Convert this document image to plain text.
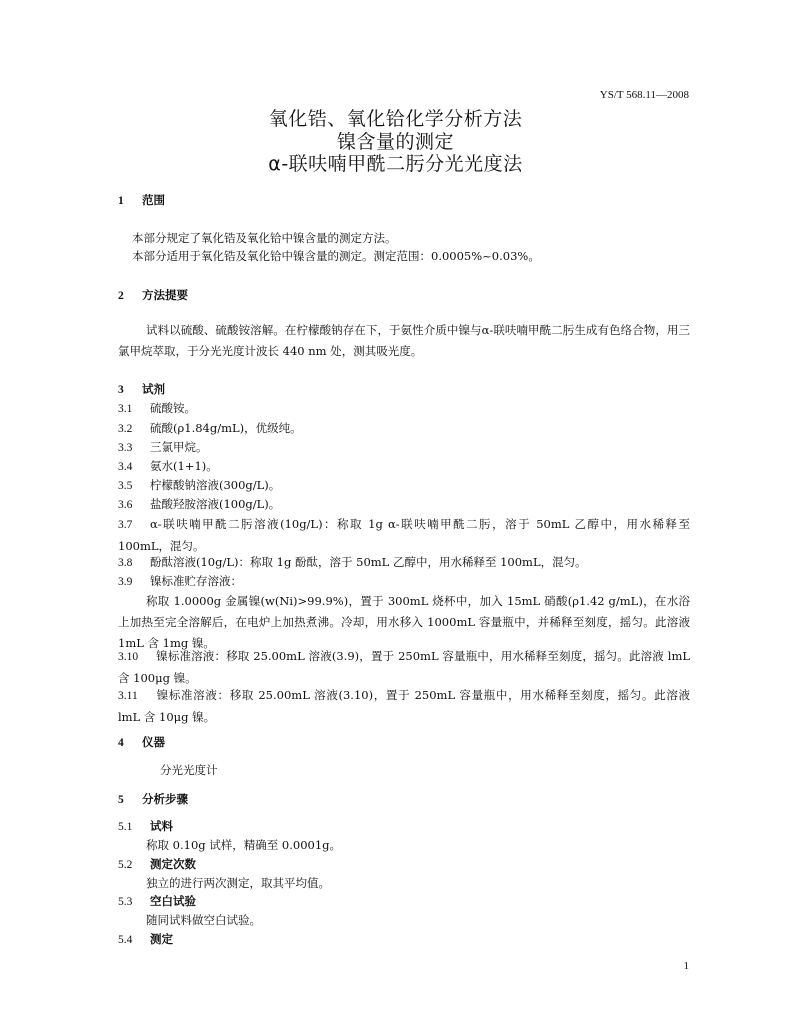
YS/T 568.11—2008
氧化锆、氧化铪化学分析方法
镍含量的测定
α-联呋喃甲酰二肟分光光度法
1 范围
本部分规定了氧化锆及氧化铪中镍含量的测定方法。
本部分适用于氧化锆及氧化铪中镍含量的测定。测定范围：0.0005%~0.03%。
2 方法提要
试料以硫酸、硫酸铵溶解。在柠檬酸钠存在下，于氨性介质中镍与α-联呋喃甲酰二肟生成有色络合物，用三氯甲烷萃取，于分光光度计波长 440 nm 处，测其吸光度。
3 试剂
3.1 硫酸铵。
3.2 硫酸(ρ1.84g/mL)，优级纯。
3.3 三氯甲烷。
3.4 氨水(1+1)。
3.5 柠檬酸钠溶液(300g/L)。
3.6 盐酸羟胺溶液(100g/L)。
3.7 α-联呋喃甲酰二肟溶液(10g/L)：称取 1g α-联呋喃甲酰二肟，溶于 50mL 乙醇中，用水稀释至 100mL，混匀。
3.8 酚酞溶液(10g/L)：称取 1g 酚酞，溶于 50mL 乙醇中，用水稀释至 100mL，混匀。
3.9 镍标准贮存溶液：
称取 1.0000g 金属镍(w(Ni)>99.9%)，置于 300mL 烧杯中，加入 15mL 硝酸(ρ1.42 g/mL)，在水浴上加热至完全溶解后，在电炉上加热煮沸。冷却，用水移入 1000mL 容量瓶中，并稀释至刻度，摇匀。此溶液 1mL 含 1mg 镍。
3.10 镍标准溶液：移取 25.00mL 溶液(3.9)，置于 250mL 容量瓶中，用水稀释至刻度，摇匀。此溶液 lmL 含 100μg 镍。
3.11 镍标准溶液：移取 25.00mL 溶液(3.10)，置于 250mL 容量瓶中，用水稀释至刻度，摇匀。此溶液 lmL 含 10μg 镍。
4 仪器
分光光度计
5 分析步骤
5.1 试料
称取 0.10g 试样，精确至 0.0001g。
5.2 测定次数
独立的进行两次测定，取其平均值。
5.3 空白试验
随同试料做空白试验。
5.4 测定
1
